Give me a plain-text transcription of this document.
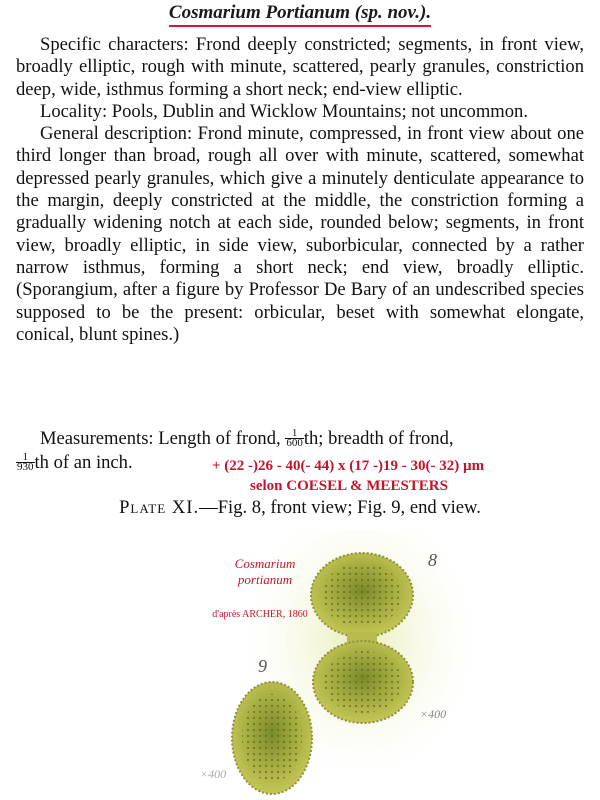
Cosmarium Portianum (sp. nov.).

Specific characters: Frond deeply constricted; segments, in front view, broadly elliptic, rough with minute, scattered, pearly granules, constriction deep, wide, isthmus forming a short neck; end-view elliptic.

Locality: Pools, Dublin and Wicklow Mountains; not uncommon.

General description: Frond minute, compressed, in front view about one third longer than broad, rough all over with minute, scattered, somewhat depressed pearly granules, which give a minutely denticulate appearance to the margin, deeply constricted at the middle, the constriction forming a gradually widening notch at each side, rounded below; segments, in front view, broadly elliptic, in side view, suborbicular, connected by a rather narrow isthmus, forming a short neck; end view, broadly elliptic. (Sporangium, after a figure by Professor De Bary of an undescribed species supposed to be the present: orbicular, beset with somewhat elongate, conical, blunt spines.)

Measurements: Length of frond, $\frac{1}{600}$ th; breadth of frond,
$\frac{1}{930}$ th of an inch.	+ (22 -)26 - 40(- 44) x (17 -)19 - 30(- 32) µm
selon COESEL & MEESTERS
Plate XI.—Fig. 8, front view; Fig. 9, end view.
8
×400
9
×400
Cosmarium portianum
d'après ARCHER, 1860
